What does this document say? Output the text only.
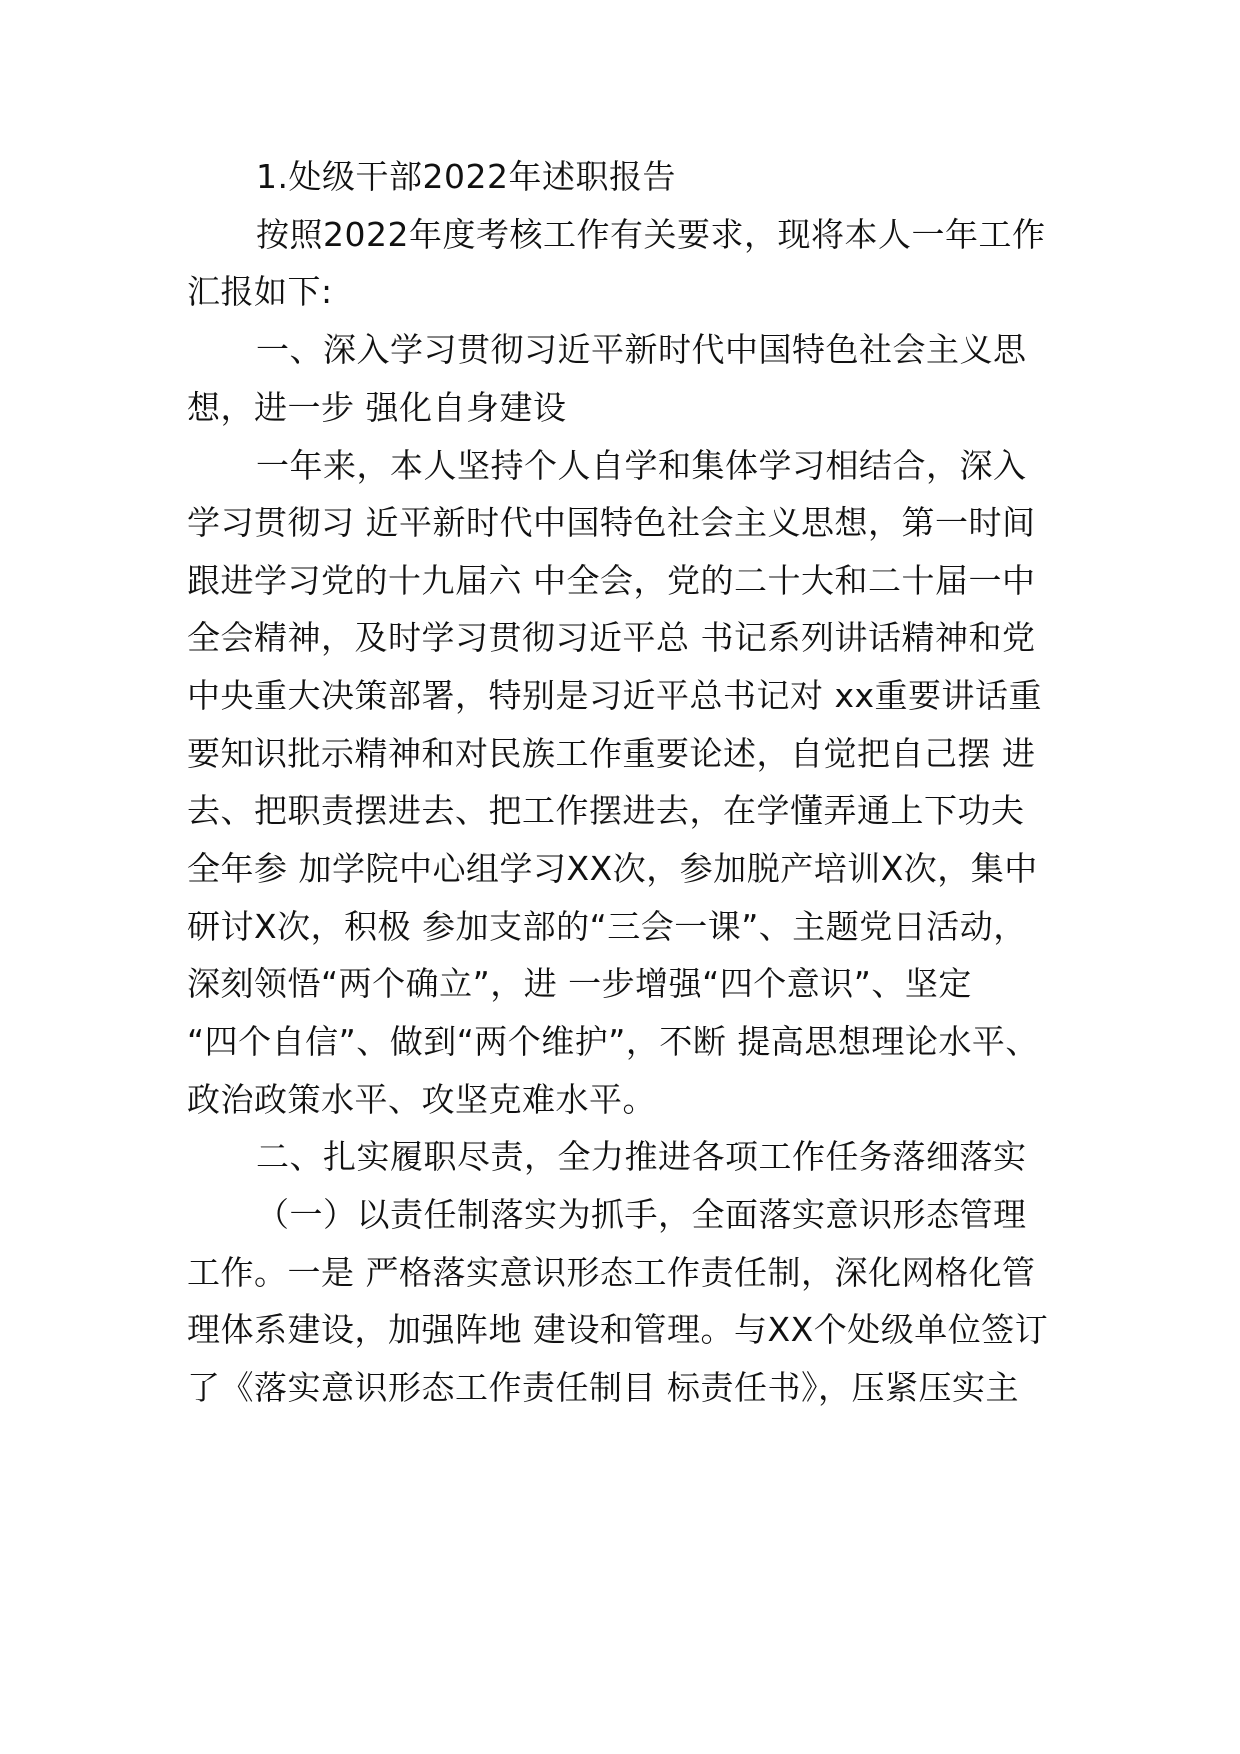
1.处级干部2022年述职报告
按照2022年度考核工作有关要求，现将本人一年工作
汇报如下:
一、深入学习贯彻习近平新时代中国特色社会主义思
想，进一步 强化自身建设
一年来，本人坚持个人自学和集体学习相结合，深入
学习贯彻习 近平新时代中国特色社会主义思想，第一时间
跟进学习党的十九届六 中全会，党的二十大和二十届一中
全会精神，及时学习贯彻习近平总 书记系列讲话精神和党
中央重大决策部署，特别是习近平总书记对 xx重要讲话重
要知识批示精神和对民族工作重要论述，自觉把自己摆 进
去、把职责摆进去、把工作摆进去，在学懂弄通上下功夫
全年参 加学院中心组学习XX次，参加脱产培训X次，集中
研讨X次，积极 参加支部的“三会一课”、主题党日活动，
深刻领悟“两个确立”，进 一步增强“四个意识”、坚定
“四个自信”、做到“两个维护”，不断 提高思想理论水平、
政治政策水平、攻坚克难水平。
二、扎实履职尽责，全力推进各项工作任务落细落实
（一）以责任制落实为抓手，全面落实意识形态管理
工作。一是 严格落实意识形态工作责任制，深化网格化管
理体系建设，加强阵地 建设和管理。与XX个处级单位签订
了《落实意识形态工作责任制目 标责任书》，压紧压实主
